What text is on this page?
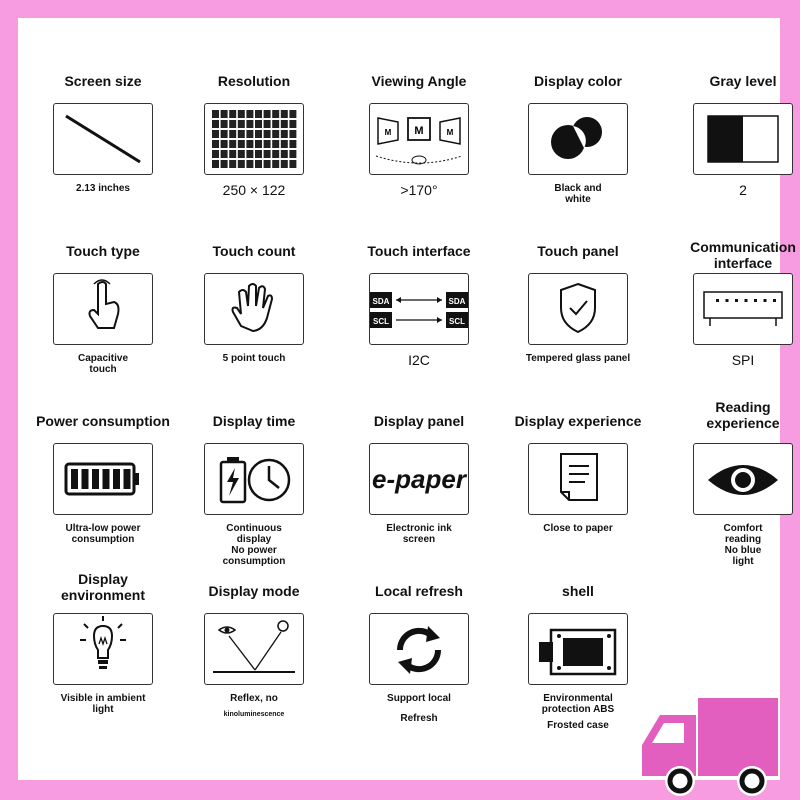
Screen size
2.13 inches
Resolution
250 × 122
Viewing Angle
M M	M
>170°
Display color
Black and
white
Gray level
2
Touch type
Capacitive
touch
Touch count
5 point touch
Touch interface
SDA
SCL
SDA
SCL
I2C
Touch panel
Tempered glass panel
Communication
interface
SPI
Power consumption
Ultra-low power
consumption
Display time
Continuous
display
No power
consumption
Display panel
e-paper
Electronic ink
screen
Display experience
Close to paper
Reading
experience
Comfort
reading
No blue
light
Display
environment
Visible in ambient
light
Display mode
Reflex, no
kinoluminescence
Local refresh
Support local
Refresh
shell
Environmental
protection ABS
Frosted case
